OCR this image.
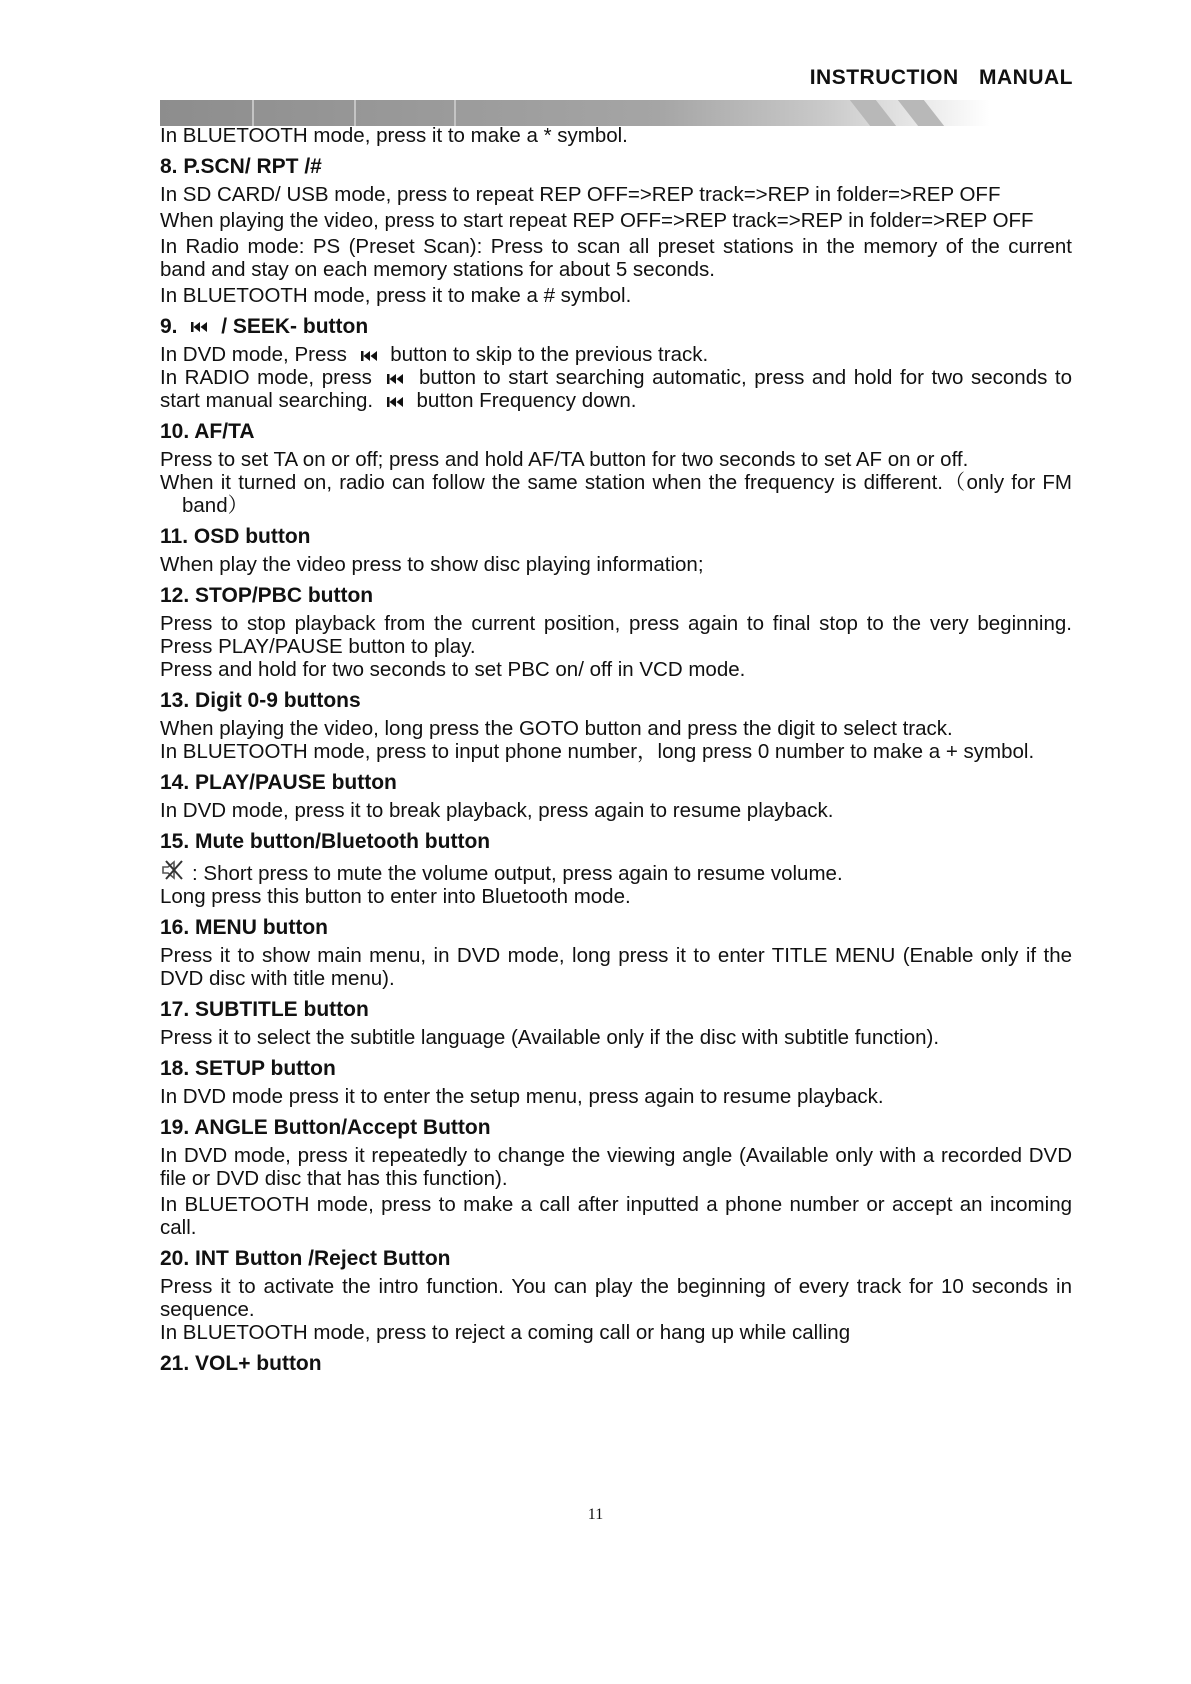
INSTRUCTION MANUAL

In BLUETOOTH mode, press it to make a * symbol.

8. P.SCN/ RPT /#

In SD CARD/ USB mode, press to repeat REP OFF=>REP track=>REP in folder=>REP OFF

When playing the video, press to start repeat REP OFF=>REP track=>REP in folder=>REP OFF

In Radio mode: PS (Preset Scan): Press to scan all preset stations in the memory of the current band and stay on each memory stations for about 5 seconds.

In BLUETOOTH mode, press it to make a # symbol.

9. / SEEK- button

In DVD mode, Press button to skip to the previous track.

In RADIO mode, press button to start searching automatic, press and hold for two seconds to start manual searching. button Frequency down.

10. AF/TA

Press to set TA on or off; press and hold AF/TA button for two seconds to set AF on or off.

When it turned on, radio can follow the same station when the frequency is different.（only for FM band）

11. OSD button

When play the video press to show disc playing information;

12. STOP/PBC button

Press to stop playback from the current position, press again to final stop to the very beginning. Press PLAY/PAUSE button to play.

Press and hold for two seconds to set PBC on/ off in VCD mode.

13. Digit 0-9 buttons

When playing the video, long press the GOTO button and press the digit to select track.

In BLUETOOTH mode, press to input phone number，long press 0 number to make a + symbol.

14. PLAY/PAUSE button

In DVD mode, press it to break playback, press again to resume playback.

15. Mute button/Bluetooth button

: Short press to mute the volume output, press again to resume volume.

Long press this button to enter into Bluetooth mode.

16. MENU button

Press it to show main menu, in DVD mode, long press it to enter TITLE MENU (Enable only if the DVD disc with title menu).

17. SUBTITLE button

Press it to select the subtitle language (Available only if the disc with subtitle function).

18. SETUP button

In DVD mode press it to enter the setup menu, press again to resume playback.

19. ANGLE Button/Accept Button

In DVD mode, press it repeatedly to change the viewing angle (Available only with a recorded DVD file or DVD disc that has this function).

In BLUETOOTH mode, press to make a call after inputted a phone number or accept an incoming call.

20. INT Button /Reject Button

Press it to activate the intro function. You can play the beginning of every track for 10 seconds in sequence.

In BLUETOOTH mode, press to reject a coming call or hang up while calling

21. VOL+ button
11
